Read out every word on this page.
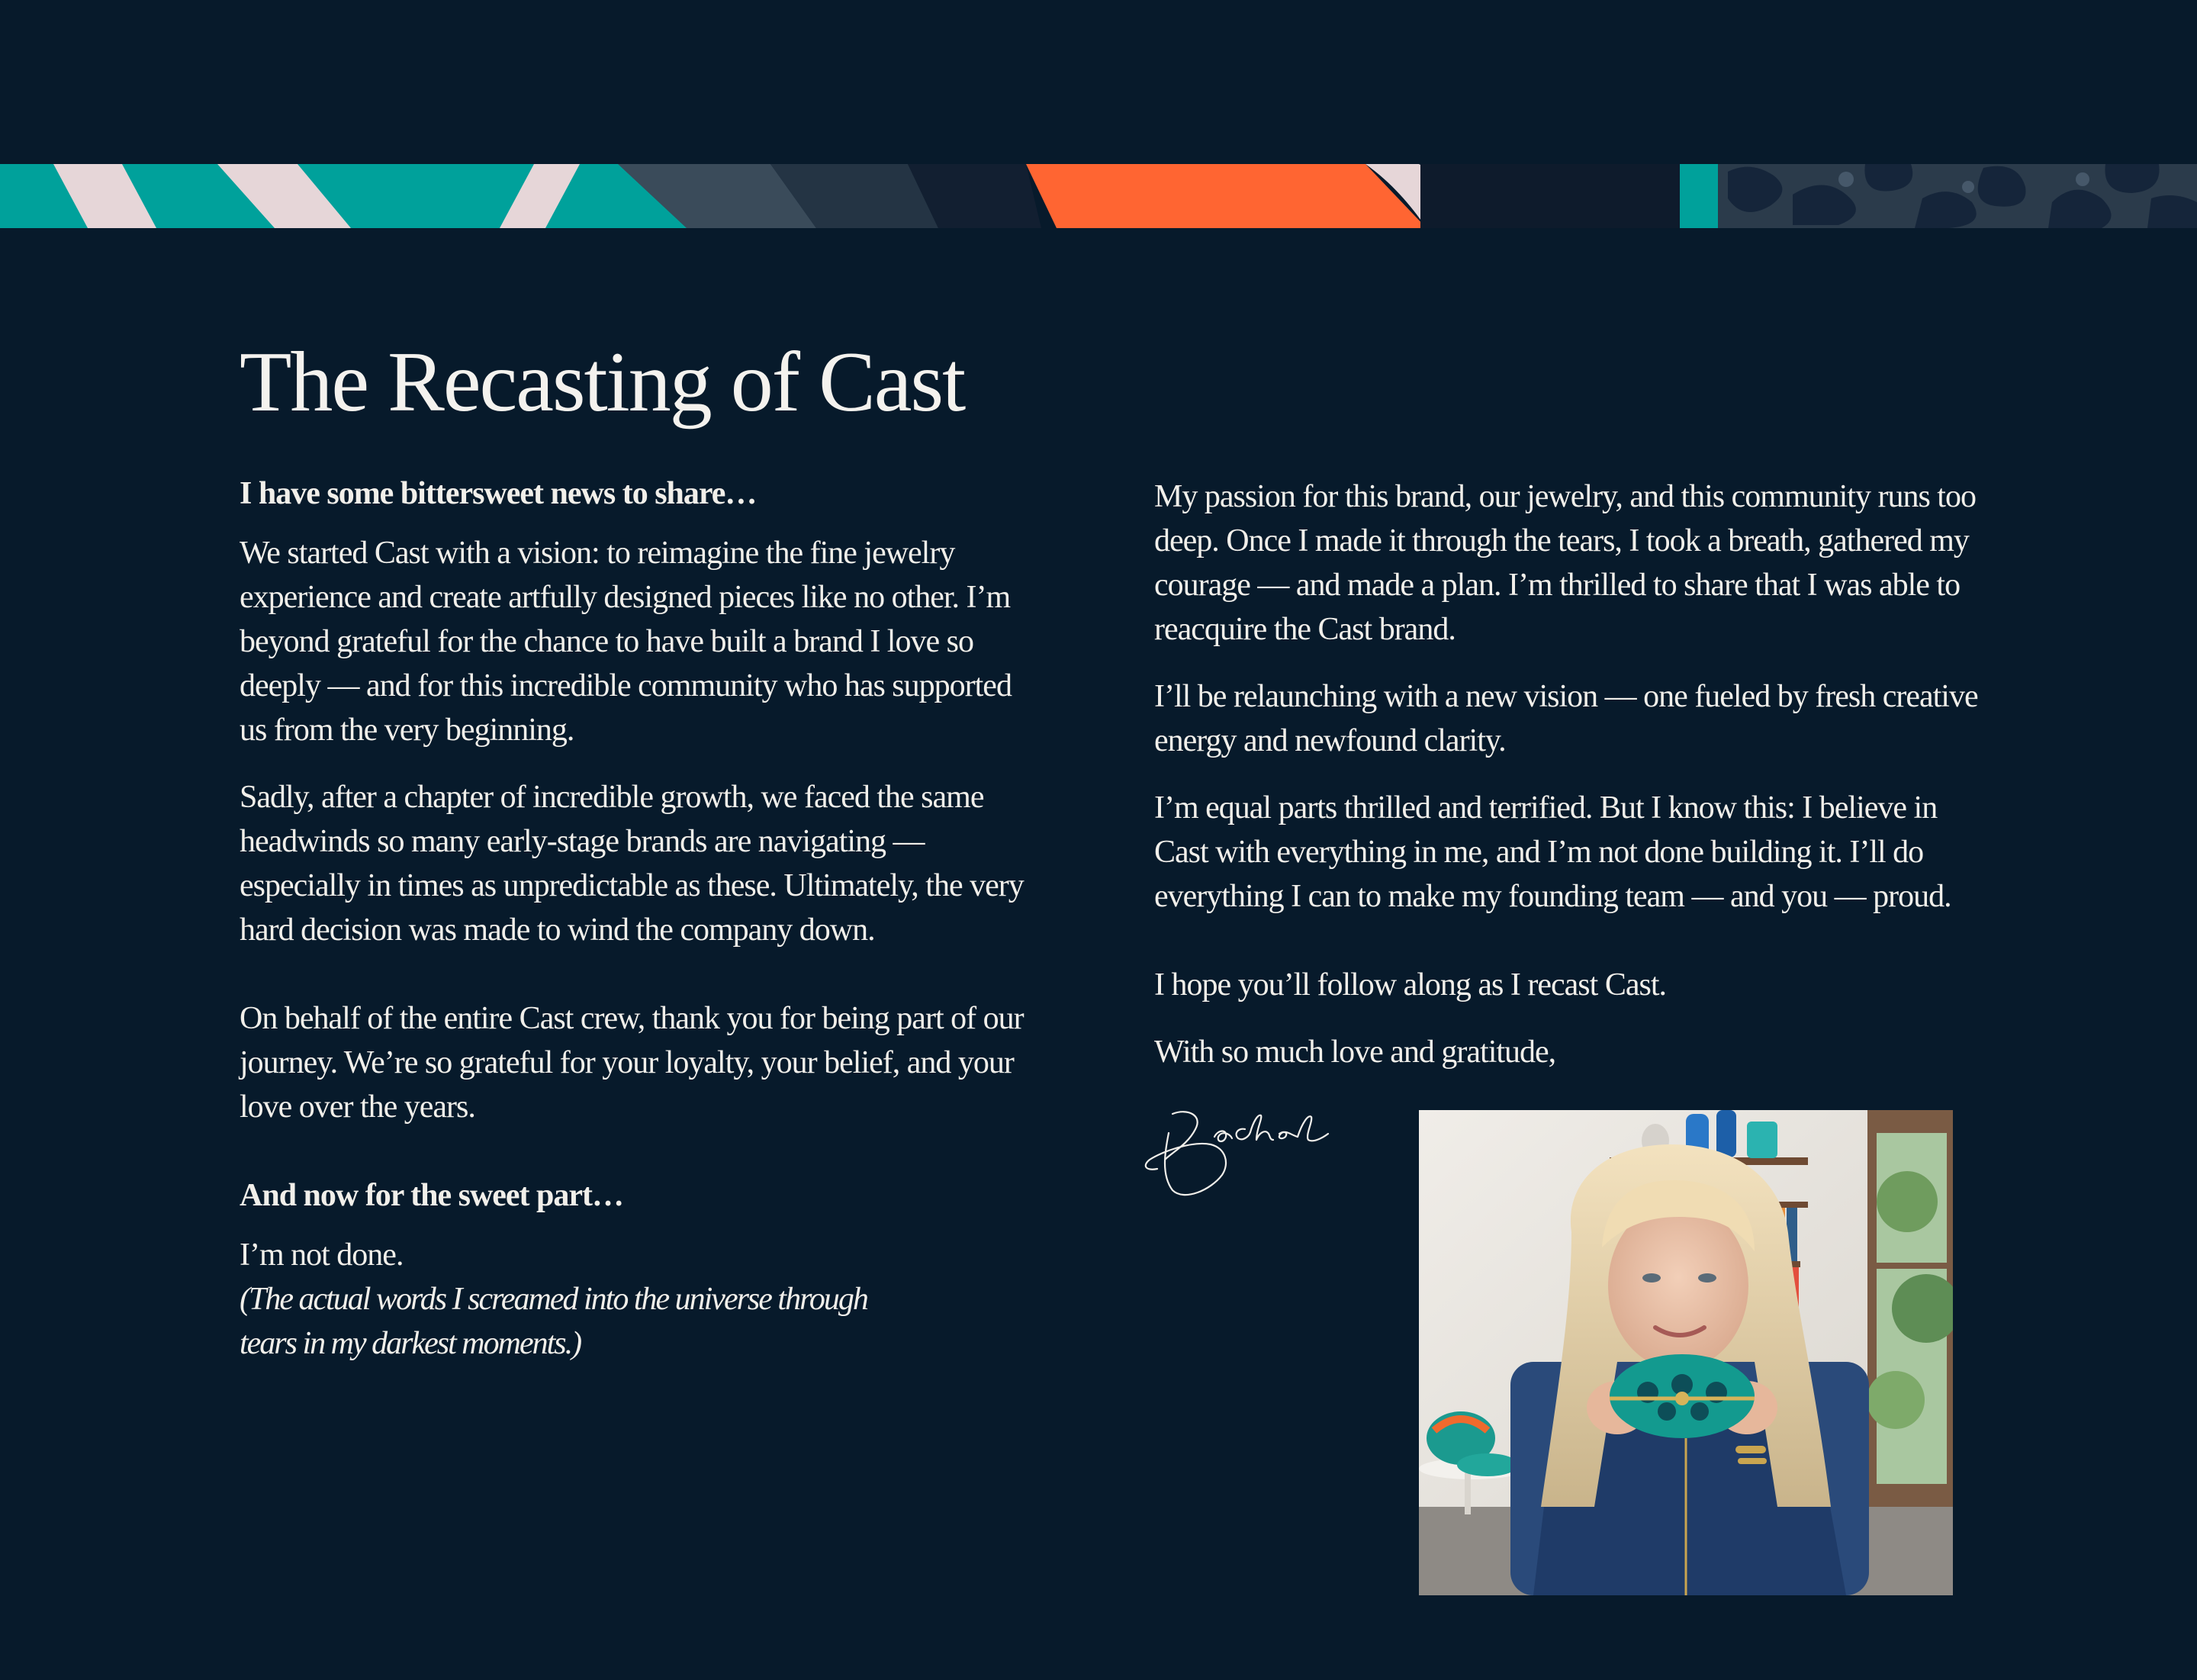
The Recasting of Cast

I have some bittersweet news to share…

We started Cast with a vision: to reimagine the fine jewelry experience and create artfully designed pieces like no other. I’m beyond grateful for the chance to have built a brand I love so deeply — and for this incredible community who has supported us from the very beginning.

Sadly, after a chapter of incredible growth, we faced the same headwinds so many early-stage brands are navigating — especially in times as unpredictable as these. Ultimately, the very hard decision was made to wind the company down.

On behalf of the entire Cast crew, thank you for being part of our journey. We’re so grateful for your loyalty, your belief, and your love over the years.

And now for the sweet part…

I’m not done.

(The actual words I screamed into the universe through tears in my darkest moments.)

My passion for this brand, our jewelry, and this community runs too deep. Once I made it through the tears, I took a breath, gathered my courage — and made a plan. I’m thrilled to share that I was able to reacquire the Cast brand.

I’ll be relaunching with a new vision — one fueled by fresh creative energy and newfound clarity.

I’m equal parts thrilled and terrified. But I know this: I believe in Cast with everything in me, and I’m not done building it. I’ll do everything I can to make my founding team — and you — proud.

I hope you’ll follow along as I recast Cast.

With so much love and gratitude,
